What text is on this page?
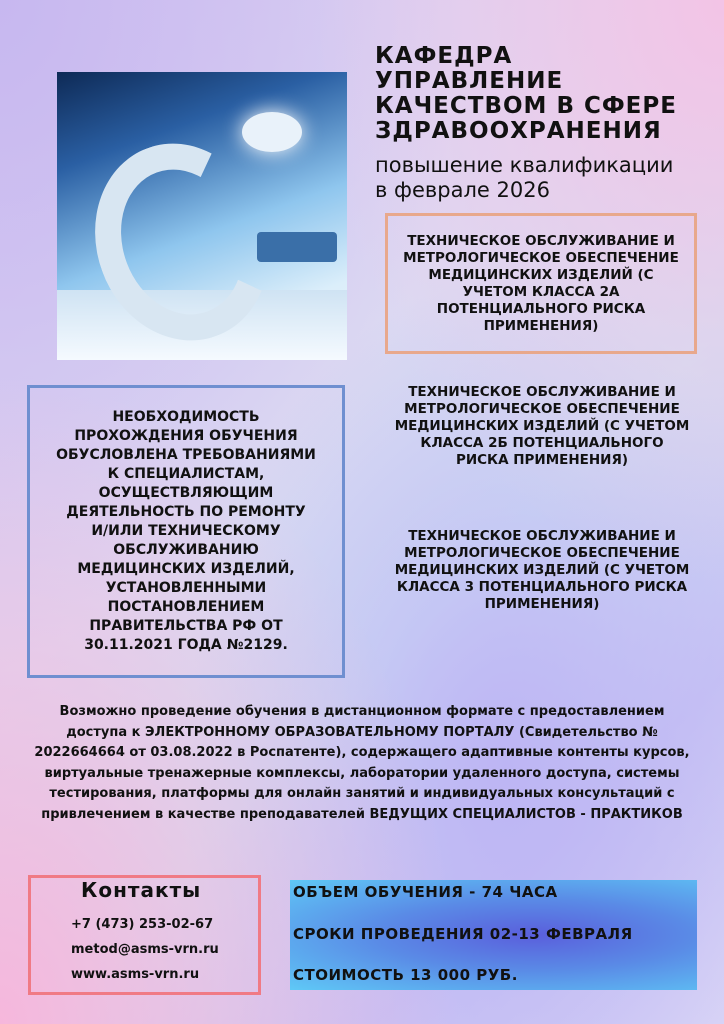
КАФЕДРА
УПРАВЛЕНИЕ
КАЧЕСТВОМ В СФЕРЕ
ЗДРАВООХРАНЕНИЯ
повышение квалификации
в феврале 2026
ТЕХНИЧЕСКОЕ ОБСЛУЖИВАНИЕ И МЕТРОЛОГИЧЕСКОЕ ОБЕСПЕЧЕНИЕ МЕДИЦИНСКИХ ИЗДЕЛИЙ (С УЧЕТОМ КЛАССА 2А ПОТЕНЦИАЛЬНОГО РИСКА ПРИМЕНЕНИЯ)
НЕОБХОДИМОСТЬ ПРОХОЖДЕНИЯ ОБУЧЕНИЯ ОБУСЛОВЛЕНА ТРЕБОВАНИЯМИ К СПЕЦИАЛИСТАМ, ОСУЩЕСТВЛЯЮЩИМ ДЕЯТЕЛЬНОСТЬ ПО РЕМОНТУ И/ИЛИ ТЕХНИЧЕСКОМУ ОБСЛУЖИВАНИЮ МЕДИЦИНСКИХ ИЗДЕЛИЙ, УСТАНОВЛЕННЫМИ ПОСТАНОВЛЕНИЕМ ПРАВИТЕЛЬСТВА РФ ОТ 30.11.2021 ГОДА №2129.
ТЕХНИЧЕСКОЕ ОБСЛУЖИВАНИЕ И МЕТРОЛОГИЧЕСКОЕ ОБЕСПЕЧЕНИЕ МЕДИЦИНСКИХ ИЗДЕЛИЙ (С УЧЕТОМ КЛАССА 2Б ПОТЕНЦИАЛЬНОГО РИСКА ПРИМЕНЕНИЯ)
ТЕХНИЧЕСКОЕ ОБСЛУЖИВАНИЕ И МЕТРОЛОГИЧЕСКОЕ ОБЕСПЕЧЕНИЕ МЕДИЦИНСКИХ ИЗДЕЛИЙ (С УЧЕТОМ КЛАССА 3 ПОТЕНЦИАЛЬНОГО РИСКА ПРИМЕНЕНИЯ)
Возможно проведение обучения в дистанционном формате с предоставлением доступа к ЭЛЕКТРОННОМУ ОБРАЗОВАТЕЛЬНОМУ ПОРТАЛУ (Свидетельство № 2022664664 от 03.08.2022 в Роспатенте), содержащего адаптивные контенты курсов, виртуальные тренажерные комплексы, лаборатории удаленного доступа, системы тестирования, платформы для онлайн занятий и индивидуальных консультаций с привлечением в качестве преподавателей ВЕДУЩИХ СПЕЦИАЛИСТОВ - ПРАКТИКОВ
Контакты
+7 (473) 253-02-67
metod@asms-vrn.ru
www.asms-vrn.ru
ОБЪЕМ ОБУЧЕНИЯ - 74 ЧАСА
СРОКИ ПРОВЕДЕНИЯ 02-13 ФЕВРАЛЯ
СТОИМОСТЬ 13 000 РУБ.
